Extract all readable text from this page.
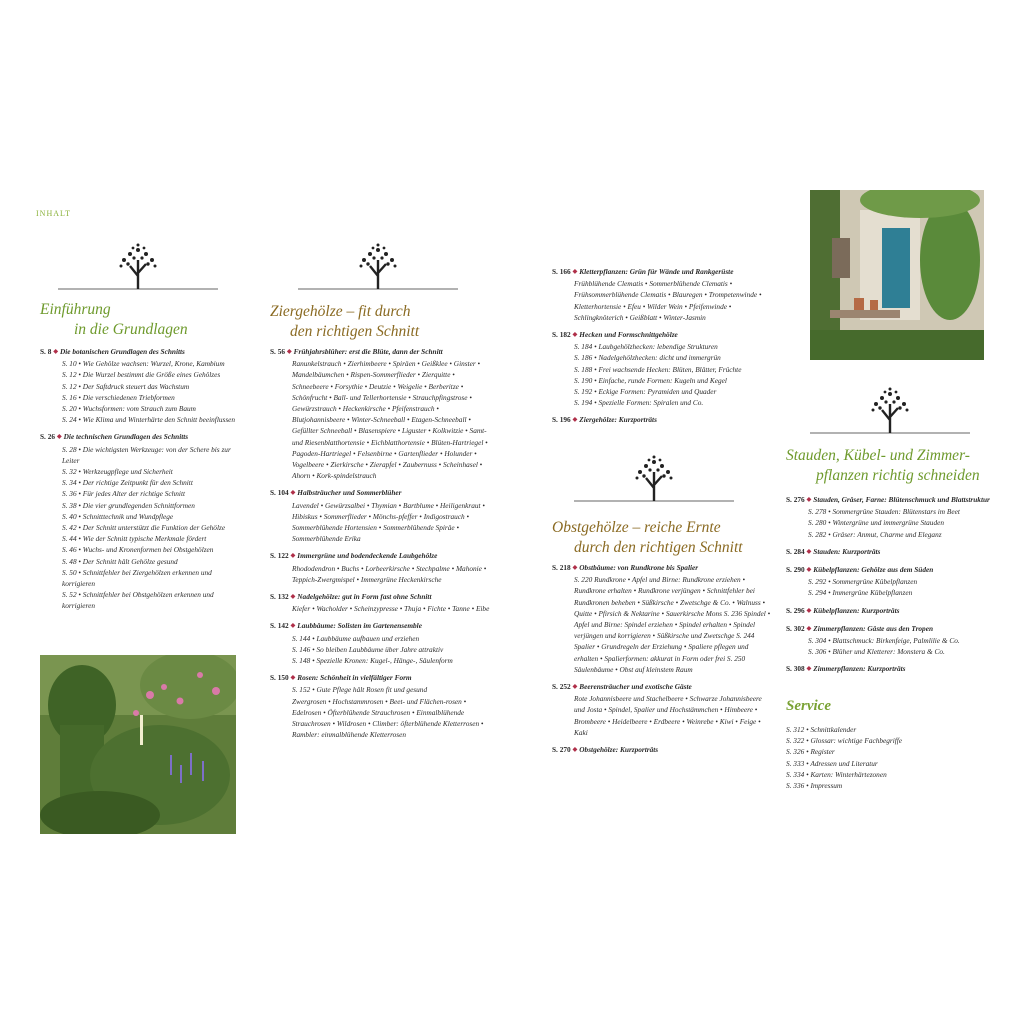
INHALT
Einführung
in die Grundlagen
S. 8 ◆ Die botanischen Grundlagen des Schnitts
S. 10 • Wie Gehölze wachsen: Wurzel, Krone, Kambium
S. 12 • Die Wurzel bestimmt die Größe eines Gehölzes
S. 12 • Der Saftdruck steuert das Wachstum
S. 16 • Die verschiedenen Triebformen
S. 20 • Wuchsformen: vom Strauch zum Baum
S. 24 • Wie Klima und Winterhärte den Schnitt beeinflussen
S. 26 ◆ Die technischen Grundlagen des Schnitts
S. 28 • Die wichtigsten Werkzeuge: von der Schere bis zur Leiter
S. 32 • Werkzeugpflege und Sicherheit
S. 34 • Der richtige Zeitpunkt für den Schnitt
S. 36 • Für jedes Alter der richtige Schnitt
S. 38 • Die vier grundlegenden Schnittformen
S. 40 • Schnitttechnik und Wundpflege
S. 42 • Der Schnitt unterstützt die Funktion der Gehölze
S. 44 • Wie der Schnitt typische Merkmale fördert
S. 46 • Wuchs- und Kronenformen bei Obstgehölzen
S. 48 • Der Schnitt hält Gehölze gesund
S. 50 • Schnittfehler bei Ziergehölzen erkennen und korrigieren
S. 52 • Schnittfehler bei Obstgehölzen erkennen und korrigieren
Ziergehölze – fit durch
den richtigen Schnitt
S. 56 ◆ Frühjahrsblüher: erst die Blüte, dann der Schnitt
Ranunkelstrauch • Zierhimbeere • Spiräen • Geißklee • Ginster • Mandelbäumchen • Rispen-Sommerflieder • Zierquitte • Schneebeere • Forsythie • Deutzie • Weigelie • Berberitze • Schönfrucht • Ball- und Tellerhortensie • Strauchpfingstrose • Gewürzstrauch • Heckenkirsche • Pfeifenstrauch • Blutjohannisbeere • Winter-Schneeball • Etagen-Schneeball • Gefüllter Schneeball • Blasenspiere • Liguster • Kolkwitzie • Samt- und Riesenblatthortensie • Eichblatthortensie • Blüten-Hartriegel • Pagoden-Hartriegel • Felsenbirne • Gartenflieder • Holunder • Vogelbeere • Zierkirsche • Zierapfel • Zaubernuss • Scheinhasel • Ahorn • Kork-spindelstrauch
S. 104 ◆ Halbsträucher und Sommerblüher
Lavendel • Gewürzsalbei • Thymian • Bartblume • Heiligenkraut • Hibiskus • Sommerflieder • Mönchs-pfeffer • Indigostrauch • Sommerblühende Hortensien • Sommerblühende Spiräe • Sommerblühende Erika
S. 122 ◆ Immergrüne und bodendeckende Laubgehölze
Rhododendron • Buchs • Lorbeerkirsche • Stechpalme • Mahonie • Teppich-Zwergmispel • Immergrüne Heckenkirsche
S. 132 ◆ Nadelgehölze: gut in Form fast ohne Schnitt
Kiefer • Wacholder • Scheinzypresse • Thuja • Fichte • Tanne • Eibe
S. 142 ◆ Laubbäume: Solisten im Gartenensemble
S. 144 • Laubbäume aufbauen und erziehen
S. 146 • So bleiben Laubbäume über Jahre attraktiv
S. 148 • Spezielle Kronen: Kugel-, Hänge-, Säulenform
S. 150 ◆ Rosen: Schönheit in vielfältiger Form
S. 152 • Gute Pflege hält Rosen fit und gesund
Zwergrosen • Hochstammrosen • Beet- und Flächen-rosen • Edelrosen • Öfterblühende Strauchrosen • Einmalblühende Strauchrosen • Wildrosen • Climber: öfterblühende Kletterrosen • Rambler: einmalblühende Kletterrosen
S. 166 ◆ Kletterpflanzen: Grün für Wände und Rankgerüste
Frühblühende Clematis • Sommerblühende Clematis • Frühsommerblühende Clematis • Blauregen • Trompetenwinde • Kletterhortensie • Efeu • Wilder Wein • Pfeifenwinde • Schlingknöterich • Geißblatt • Winter-Jasmin
S. 182 ◆ Hecken und Formschnittgehölze
S. 184 • Laubgehölzhecken: lebendige Strukturen
S. 186 • Nadelgehölzhecken: dicht und immergrün
S. 188 • Frei wachsende Hecken: Blüten, Blätter, Früchte
S. 190 • Einfache, runde Formen: Kugeln und Kegel
S. 192 • Eckige Formen: Pyramiden und Quader
S. 194 • Spezielle Formen: Spiralen und Co.
S. 196 ◆ Ziergehölze: Kurzporträts
Obstgehölze – reiche Ernte
durch den richtigen Schnitt
S. 218 ◆ Obstbäume: von Rundkrone bis Spalier
S. 220 Rundkrone • Apfel und Birne: Rundkrone erziehen • Rundkrone erhalten • Rundkrone verjüngen • Schnittfehler bei Rundkronen beheben • Süßkirsche • Zwetschge & Co. • Walnuss • Quitte • Pfirsich & Nektarine • Sauerkirsche Mons S. 236 Spindel • Apfel und Birne: Spindel erziehen • Spindel erhalten • Spindel verjüngen und korrigieren • Süßkirsche und Zwetschge S. 244 Spalier • Grundregeln der Erziehung • Spaliere pflegen und erhalten • Spalierformen: akkurat in Form oder frei S. 250 Säulenbäume • Obst auf kleinstem Raum
S. 252 ◆ Beerensträucher und exotische Gäste
Rote Johannisbeere und Stachelbeere • Schwarze Johannisbeere und Josta • Spindel, Spalier und Hochstämmchen • Himbeere • Brombeere • Heidelbeere • Erdbeere • Weinrebe • Kiwi • Feige • Kaki
S. 270 ◆ Obstgehölze: Kurzporträts
Stauden, Kübel- und Zimmer-
pflanzen richtig schneiden
S. 276 ◆ Stauden, Gräser, Farne: Blütenschmuck und Blattstruktur
S. 278 • Sommergrüne Stauden: Blütenstars im Beet
S. 280 • Wintergrüne und immergrüne Stauden
S. 282 • Gräser: Anmut, Charme und Eleganz
S. 284 ◆ Stauden: Kurzporträts
S. 290 ◆ Kübelpflanzen: Gehölze aus dem Süden
S. 292 • Sommergrüne Kübelpflanzen
S. 294 • Immergrüne Kübelpflanzen
S. 296 ◆ Kübelpflanzen: Kurzporträts
S. 302 ◆ Zimmerpflanzen: Gäste aus den Tropen
S. 304 • Blattschmuck: Birkenfeige, Palmlilie & Co.
S. 306 • Blüher und Kletterer: Monstera & Co.
S. 308 ◆ Zimmerpflanzen: Kurzporträts
Service
S. 312 • Schnittkalender
S. 322 • Glossar: wichtige Fachbegriffe
S. 326 • Register
S. 333 • Adressen und Literatur
S. 334 • Karten: Winterhärtezonen
S. 336 • Impressum
